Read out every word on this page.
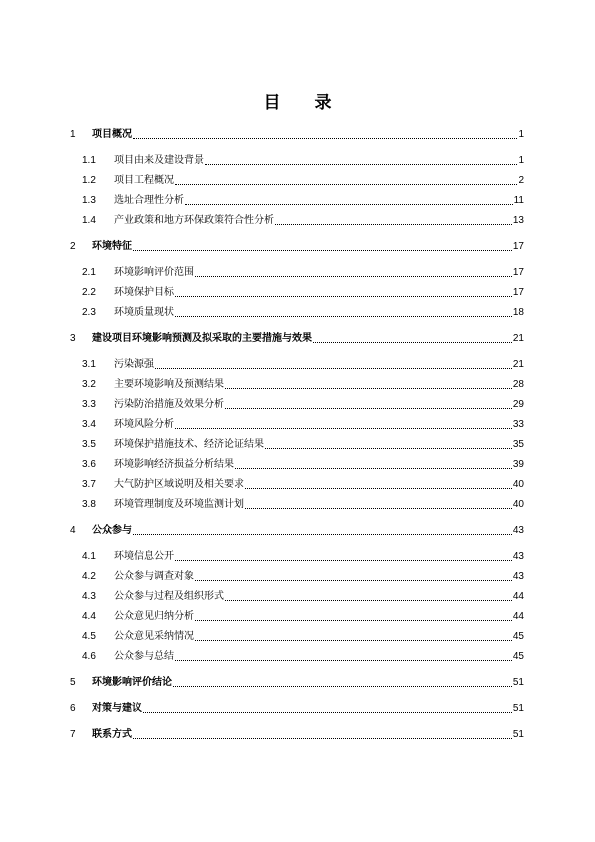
目 录
1	项目概况	1
1.1	项目由来及建设背景	1
1.2	项目工程概况	2
1.3	选址合理性分析	11
1.4	产业政策和地方环保政策符合性分析	13
2	环境特征	17
2.1	环境影响评价范围	17
2.2	环境保护目标	17
2.3	环境质量现状	18
3	建设项目环境影响预测及拟采取的主要措施与效果	21
3.1	污染源强	21
3.2	主要环境影响及预测结果	28
3.3	污染防治措施及效果分析	29
3.4	环境风险分析	33
3.5	环境保护措施技术、经济论证结果	35
3.6	环境影响经济损益分析结果	39
3.7	大气防护区域说明及相关要求	40
3.8	环境管理制度及环境监测计划	40
4	公众参与	43
4.1	环境信息公开	43
4.2	公众参与调查对象	43
4.3	公众参与过程及组织形式	44
4.4	公众意见归纳分析	44
4.5	公众意见采纳情况	45
4.6	公众参与总结	45
5	环境影响评价结论	51
6	对策与建议	51
7	联系方式	51
